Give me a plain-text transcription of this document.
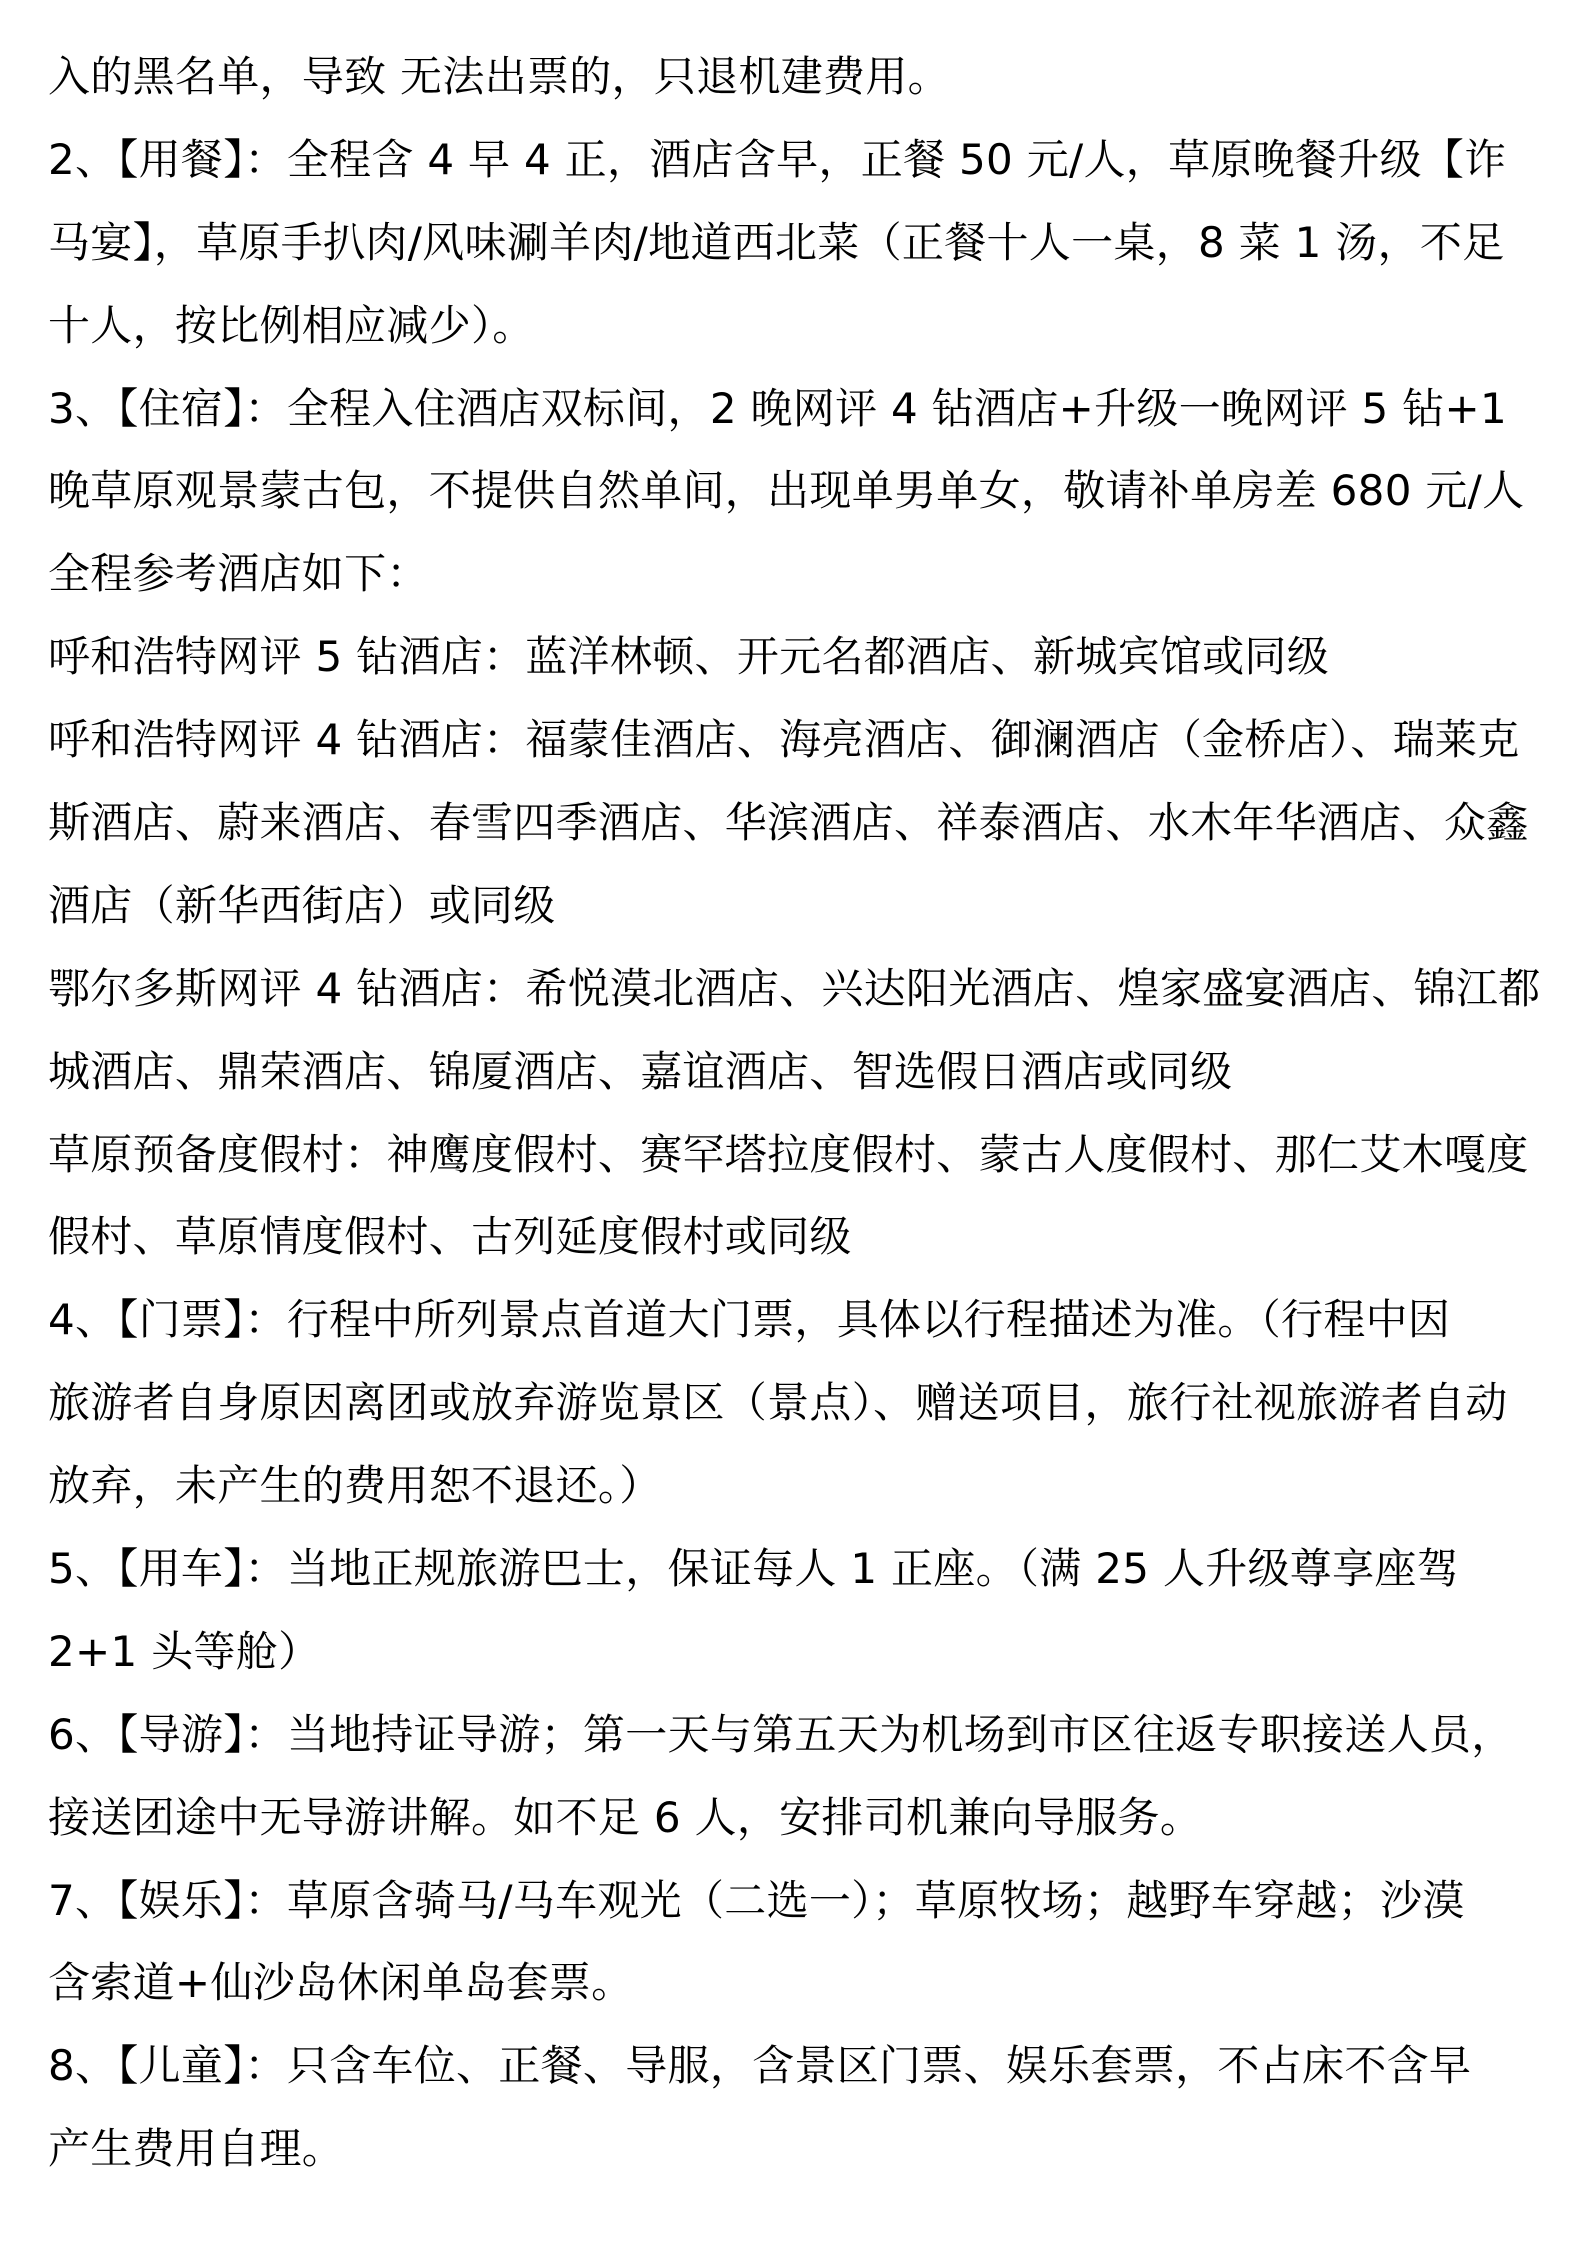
入的黑名单，导致 无法出票的，只退机建费用。
2、【用餐】：全程含 4 早 4 正，酒店含早，正餐 50 元/人，草原晚餐升级【诈
马宴】，草原手扒肉/风味涮羊肉/地道西北菜（正餐十人一桌，8 菜 1 汤，不足
十人，按比例相应减少）。
3、【住宿】：全程入住酒店双标间，2 晚网评 4 钻酒店+升级一晚网评 5 钻+1
晚草原观景蒙古包，不提供自然单间，出现单男单女，敬请补单房差 680 元/人
全程参考酒店如下：
呼和浩特网评 5 钻酒店：蓝洋林顿、开元名都酒店、新城宾馆或同级
呼和浩特网评 4 钻酒店：福蒙佳酒店、海亮酒店、御澜酒店（金桥店）、瑞莱克
斯酒店、蔚来酒店、春雪四季酒店、华滨酒店、祥泰酒店、水木年华酒店、众鑫
酒店（新华西街店）或同级
鄂尔多斯网评 4 钻酒店：希悦漠北酒店、兴达阳光酒店、煌家盛宴酒店、锦江都
城酒店、鼎荣酒店、锦厦酒店、嘉谊酒店、智选假日酒店或同级
草原预备度假村：神鹰度假村、赛罕塔拉度假村、蒙古人度假村、那仁艾木嘎度
假村、草原情度假村、古列延度假村或同级
4、【门票】：行程中所列景点首道大门票，具体以行程描述为准。（行程中因
旅游者自身原因离团或放弃游览景区（景点）、赠送项目，旅行社视旅游者自动
放弃，未产生的费用恕不退还。）
5、【用车】：当地正规旅游巴士，保证每人 1 正座。（满 25 人升级尊享座驾
2+1 头等舱）
6、【导游】：当地持证导游；第一天与第五天为机场到市区往返专职接送人员，
接送团途中无导游讲解。如不足 6 人，安排司机兼向导服务。
7、【娱乐】：草原含骑马/马车观光（二选一）；草原牧场；越野车穿越；沙漠
含索道+仙沙岛休闲单岛套票。
8、【儿童】：只含车位、正餐、导服，含景区门票、娱乐套票，不占床不含早
产生费用自理。
